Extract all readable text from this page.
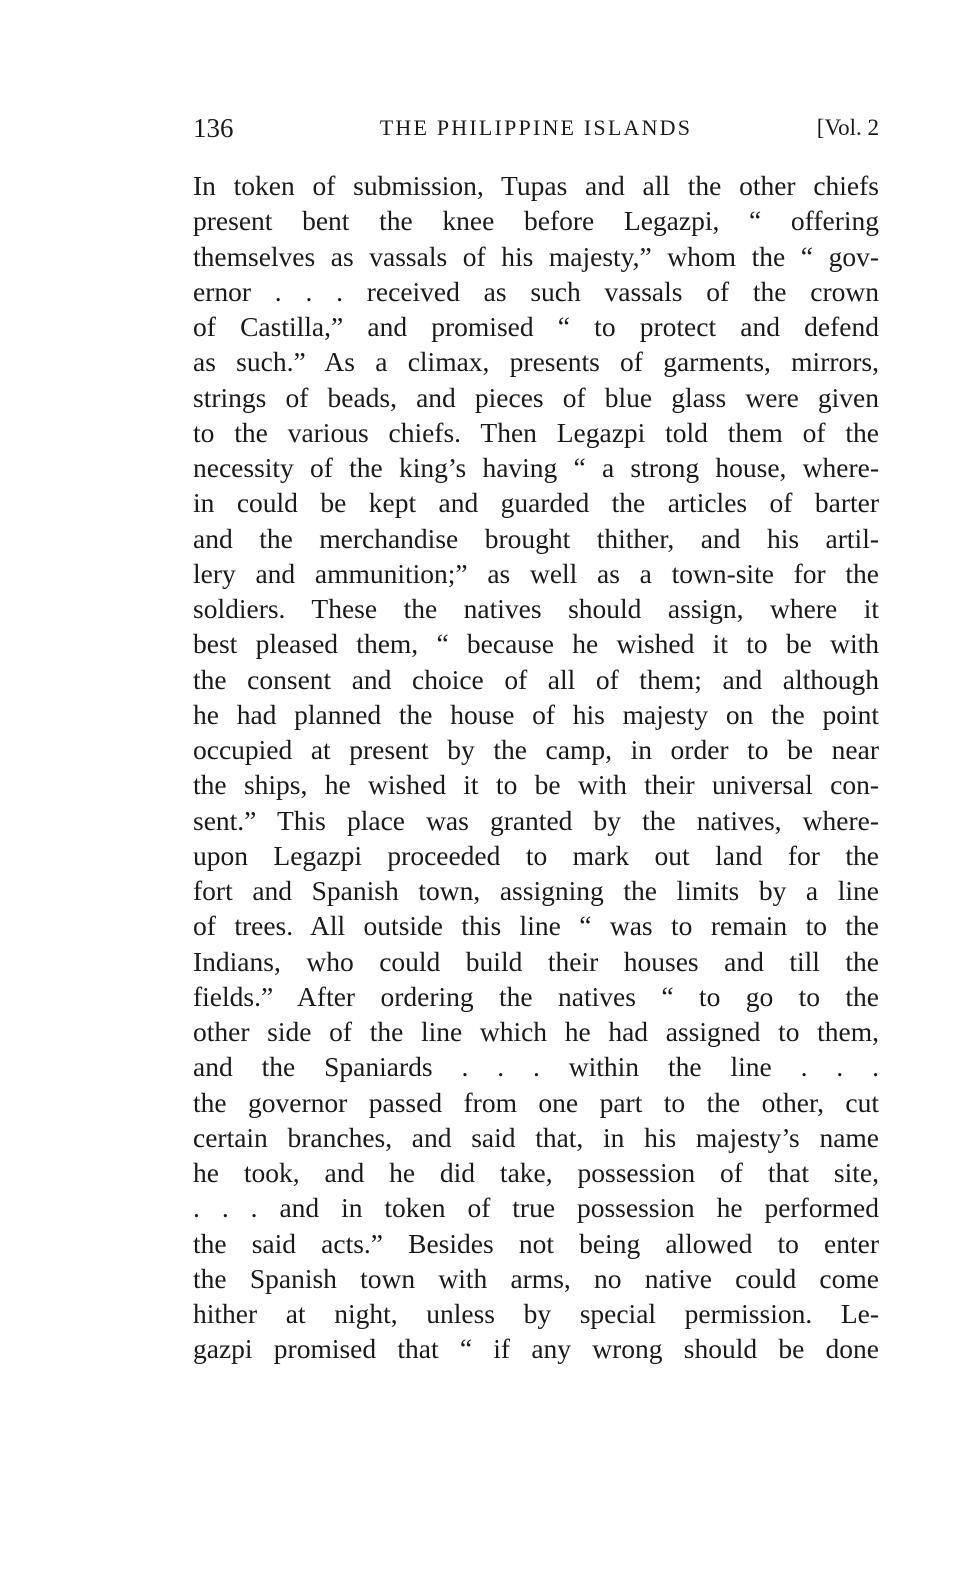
136	THE PHILIPPINE ISLANDS	[Vol. 2
In token of submission, Tupas and all the other chiefs
present bent the knee before Legazpi, “ offering
themselves as vassals of his majesty,” whom the “ gov-
ernor . . . received as such vassals of the crown
of Castilla,” and promised “ to protect and defend
as such.” As a climax, presents of garments, mirrors,
strings of beads, and pieces of blue glass were given
to the various chiefs. Then Legazpi told them of the
necessity of the king’s having “ a strong house, where-
in could be kept and guarded the articles of barter
and the merchandise brought thither, and his artil-
lery and ammunition;” as well as a town-site for the
soldiers. These the natives should assign, where it
best pleased them, “ because he wished it to be with
the consent and choice of all of them; and although
he had planned the house of his majesty on the point
occupied at present by the camp, in order to be near
the ships, he wished it to be with their universal con-
sent.” This place was granted by the natives, where-
upon Legazpi proceeded to mark out land for the
fort and Spanish town, assigning the limits by a line
of trees. All outside this line “ was to remain to the
Indians, who could build their houses and till the
fields.” After ordering the natives “ to go to the
other side of the line which he had assigned to them,
and the Spaniards . . . within the line . . .
the governor passed from one part to the other, cut
certain branches, and said that, in his majesty’s name
he took, and he did take, possession of that site,
. . . and in token of true possession he performed
the said acts.” Besides not being allowed to enter
the Spanish town with arms, no native could come
hither at night, unless by special permission. Le-
gazpi promised that “ if any wrong should be done
